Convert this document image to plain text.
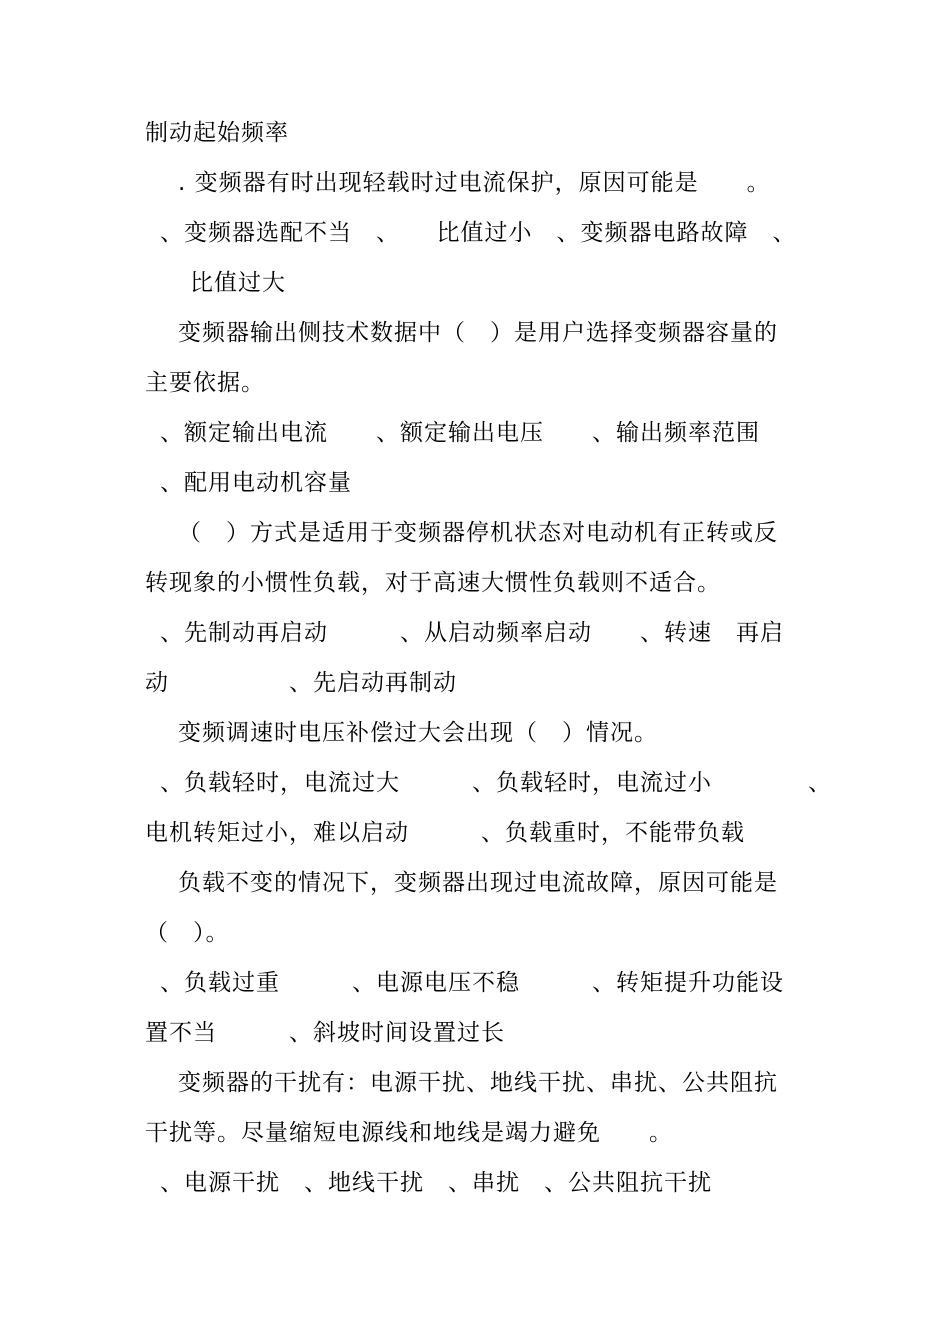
制动起始频率
. 变频器有时出现轻载时过电流保护，原因可能是　　。
、变频器选配不当　、　　比值过小　、变频器电路故障　、
比值过大
变频器输出侧技术数据中（　）是用户选择变频器容量的
主要依据。
、额定输出电流　　、额定输出电压　　、输出频率范围
、配用电动机容量
（　）方式是适用于变频器停机状态对电动机有正转或反
转现象的小惯性负载，对于高速大惯性负载则不适合。
、先制动再启动　　　、从启动频率启动　　、转速　再启
动　　　　　、先启动再制动
变频调速时电压补偿过大会出现（　）情况。
、负载轻时，电流过大　　　、负载轻时，电流过小　　　　、
电机转矩过小，难以启动　　　、负载重时，不能带负载
负载不变的情况下，变频器出现过电流故障，原因可能是
（　）。
、负载过重　　　、电源电压不稳　　　、转矩提升功能设
置不当　　　、斜坡时间设置过长
变频器的干扰有：电源干扰、地线干扰、串扰、公共阻抗
干扰等。尽量缩短电源线和地线是竭力避免　　。
、电源干扰　、地线干扰　、串扰　、公共阻抗干扰
